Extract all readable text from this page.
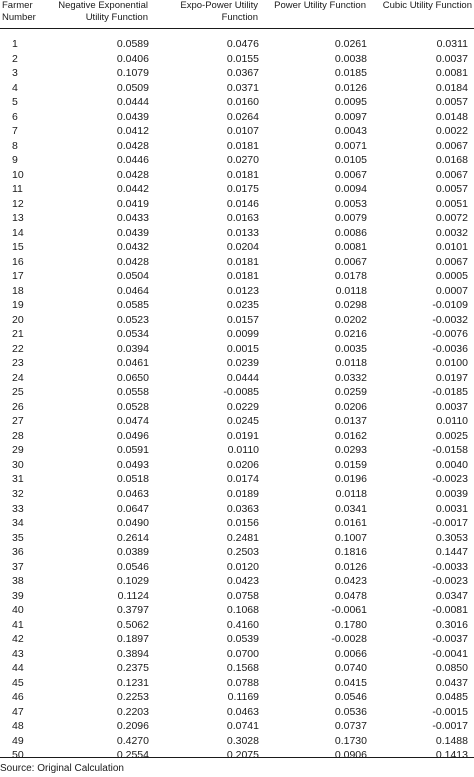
Farmer Number	Negative Exponential Utility Function	Expo-Power Utility Function	Power Utility Function	Cubic Utility Function

1	0.0589	0.0476	0.0261	0.0311
2	0.0406	0.0155	0.0038	0.0037
3	0.1079	0.0367	0.0185	0.0081
4	0.0509	0.0371	0.0126	0.0184
5	0.0444	0.0160	0.0095	0.0057
6	0.0439	0.0264	0.0097	0.0148
7	0.0412	0.0107	0.0043	0.0022
8	0.0428	0.0181	0.0071	0.0067
9	0.0446	0.0270	0.0105	0.0168
10	0.0428	0.0181	0.0067	0.0067
11	0.0442	0.0175	0.0094	0.0057
12	0.0419	0.0146	0.0053	0.0051
13	0.0433	0.0163	0.0079	0.0072
14	0.0439	0.0133	0.0086	0.0032
15	0.0432	0.0204	0.0081	0.0101
16	0.0428	0.0181	0.0067	0.0067
17	0.0504	0.0181	0.0178	0.0005
18	0.0464	0.0123	0.0118	0.0007
19	0.0585	0.0235	0.0298	-0.0109
20	0.0523	0.0157	0.0202	-0.0032
21	0.0534	0.0099	0.0216	-0.0076
22	0.0394	0.0015	0.0035	-0.0036
23	0.0461	0.0239	0.0118	0.0100
24	0.0650	0.0444	0.0332	0.0197
25	0.0558	-0.0085	0.0259	-0.0185
26	0.0528	0.0229	0.0206	0.0037
27	0.0474	0.0245	0.0137	0.0110
28	0.0496	0.0191	0.0162	0.0025
29	0.0591	0.0110	0.0293	-0.0158
30	0.0493	0.0206	0.0159	0.0040
31	0.0518	0.0174	0.0196	-0.0023
32	0.0463	0.0189	0.0118	0.0039
33	0.0647	0.0363	0.0341	0.0031
34	0.0490	0.0156	0.0161	-0.0017
35	0.2614	0.2481	0.1007	0.3053
36	0.0389	0.2503	0.1816	0.1447
37	0.0546	0.0120	0.0126	-0.0033
38	0.1029	0.0423	0.0423	-0.0023
39	0.1124	0.0758	0.0478	0.0347
40	0.3797	0.1068	-0.0061	-0.0081
41	0.5062	0.4160	0.1780	0.3016
42	0.1897	0.0539	-0.0028	-0.0037
43	0.3894	0.0700	0.0066	-0.0041
44	0.2375	0.1568	0.0740	0.0850
45	0.1231	0.0788	0.0415	0.0437
46	0.2253	0.1169	0.0546	0.0485
47	0.2203	0.0463	0.0536	-0.0015
48	0.2096	0.0741	0.0737	-0.0017
49	0.4270	0.3028	0.1730	0.1488
50	0.2554	0.2075	0.0906	0.1413
Source: Original Calculation
